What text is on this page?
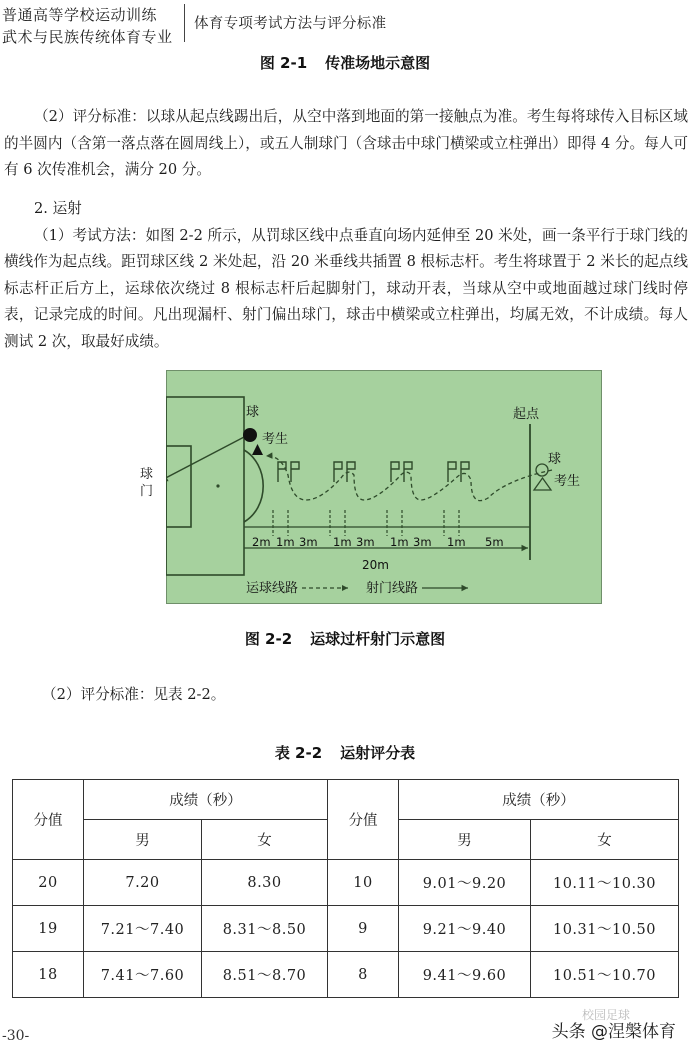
普通高等学校运动训练
武术与民族传统体育专业
体育专项考试方法与评分标准
图 2-1 传准场地示意图

（2）评分标准：以球从起点线踢出后，从空中落到地面的第一接触点为准。考生每将球传入目标区域的半圆内（含第一落点落在圆周线上），或五人制球门（含球击中球门横梁或立柱弹出）即得 4 分。每人可有 6 次传准机会，满分 20 分。

2. 运射

（1）考试方法：如图 2-2 所示，从罚球区线中点垂直向场内延伸至 20 米处，画一条平行于球门线的横线作为起点线。距罚球区线 2 米处起，沿 20 米垂线共插置 8 根标志杆。考生将球置于 2 米长的起点线标志杆正后方上，运球依次绕过 8 根标志杆后起脚射门，球动开表，当球从空中或地面越过球门线时停表，记录完成的时间。凡出现漏杆、射门偏出球门，球击中横梁或立柱弹出，均属无效，不计成绩。每人测试 2 次，取最好成绩。

球
考生
2m 1m 3m 1m 3m 1m 3m 1m 5m
20m
起点
球
考生
运球线路	射门线路
球门
图 2-2 运球过杆射门示意图

（2）评分标准：见表 2-2。

表 2-2 运射评分表
分值	成绩（秒）		分值	成绩（秒）	
	男	女		男	女
20	7.20	8.30	10	9.01～9.20	10.11～10.30
19	7.21～7.40	8.31～8.50	9	9.21～9.40	10.31～10.50
18	7.41～7.60	8.51～8.70	8	9.41～9.60	10.51～10.70
-30-
校园足球
头条 @涅槃体育
